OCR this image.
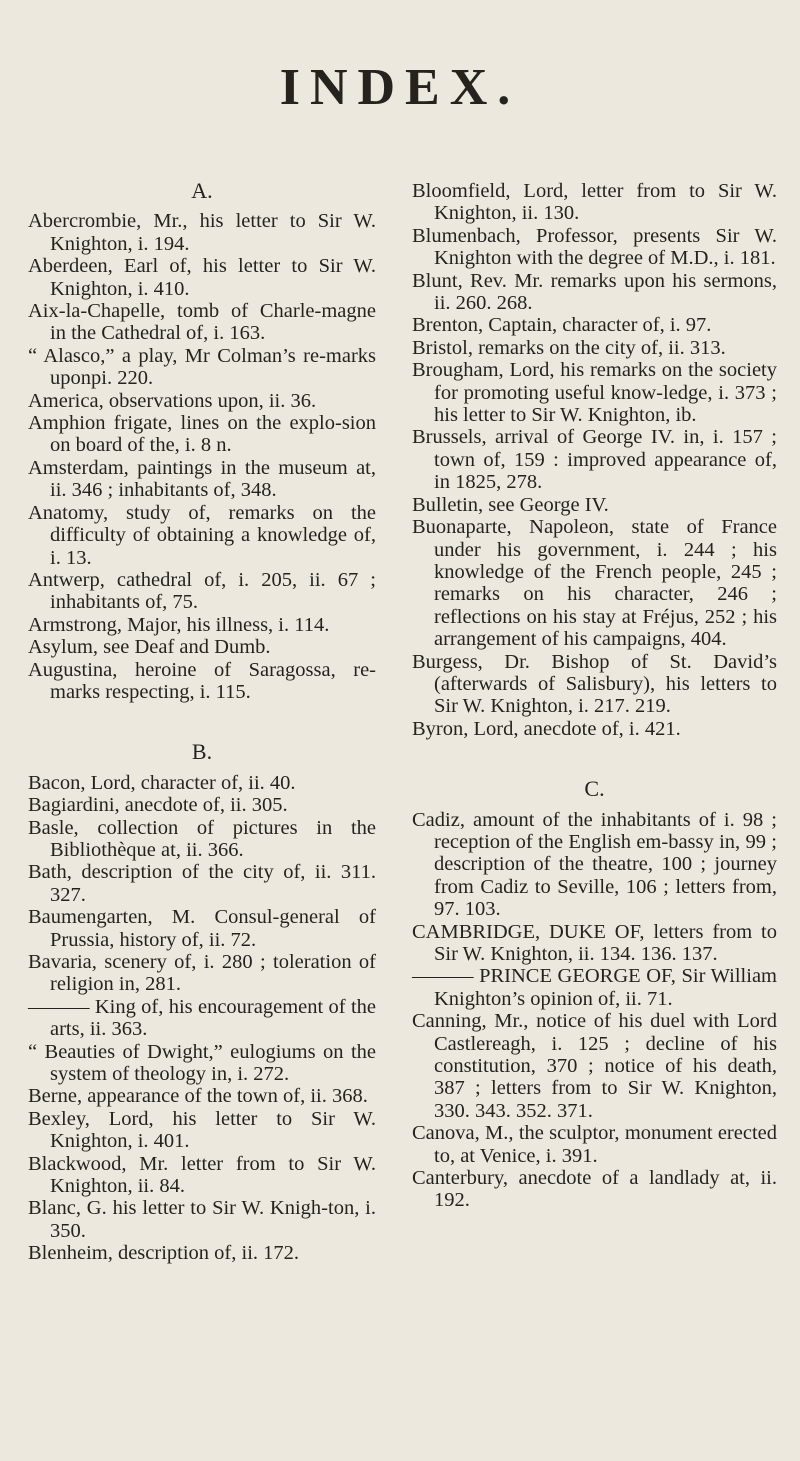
INDEX.
A.

Abercrombie, Mr., his letter to Sir W. Knighton, i. 194.

Aberdeen, Earl of, his letter to Sir W. Knighton, i. 410.

Aix-la-Chapelle, tomb of Charle-magne in the Cathedral of, i. 163.

“ Alasco,” a play, Mr Colman’s re-marks uponpi. 220.

America, observations upon, ii. 36.

Amphion frigate, lines on the explo-sion on board of the, i. 8 n.

Amsterdam, paintings in the museum at, ii. 346 ; inhabitants of, 348.

Anatomy, study of, remarks on the difficulty of obtaining a knowledge of, i. 13.

Antwerp, cathedral of, i. 205, ii. 67 ; inhabitants of, 75.

Armstrong, Major, his illness, i. 114.

Asylum, see Deaf and Dumb.

Augustina, heroine of Saragossa, re-marks respecting, i. 115.

B.

Bacon, Lord, character of, ii. 40.

Bagiardini, anecdote of, ii. 305.

Basle, collection of pictures in the Bibliothèque at, ii. 366.

Bath, description of the city of, ii. 311. 327.

Baumengarten, M. Consul-general of Prussia, history of, ii. 72.

Bavaria, scenery of, i. 280 ; toleration of religion in, 281.

——— King of, his encouragement of the arts, ii. 363.

“ Beauties of Dwight,” eulogiums on the system of theology in, i. 272.

Berne, appearance of the town of, ii. 368.

Bexley, Lord, his letter to Sir W. Knighton, i. 401.

Blackwood, Mr. letter from to Sir W. Knighton, ii. 84.

Blanc, G. his letter to Sir W. Knigh-ton, i. 350.

Blenheim, description of, ii. 172.

Bloomfield, Lord, letter from to Sir W. Knighton, ii. 130.

Blumenbach, Professor, presents Sir W. Knighton with the degree of M.D., i. 181.

Blunt, Rev. Mr. remarks upon his sermons, ii. 260. 268.

Brenton, Captain, character of, i. 97.

Bristol, remarks on the city of, ii. 313.

Brougham, Lord, his remarks on the society for promoting useful know-ledge, i. 373 ; his letter to Sir W. Knighton, ib.

Brussels, arrival of George IV. in, i. 157 ; town of, 159 : improved appearance of, in 1825, 278.

Bulletin, see George IV.

Buonaparte, Napoleon, state of France under his government, i. 244 ; his knowledge of the French people, 245 ; remarks on his character, 246 ; reflections on his stay at Fréjus, 252 ; his arrangement of his campaigns, 404.

Burgess, Dr. Bishop of St. David’s (afterwards of Salisbury), his letters to Sir W. Knighton, i. 217. 219.

Byron, Lord, anecdote of, i. 421.

C.

Cadiz, amount of the inhabitants of i. 98 ; reception of the English em-bassy in, 99 ; description of the theatre, 100 ; journey from Cadiz to Seville, 106 ; letters from, 97. 103.

CAMBRIDGE, DUKE OF, letters from to Sir W. Knighton, ii. 134. 136. 137.

——— PRINCE GEORGE OF, Sir William Knighton’s opinion of, ii. 71.

Canning, Mr., notice of his duel with Lord Castlereagh, i. 125 ; decline of his constitution, 370 ; notice of his death, 387 ; letters from to Sir W. Knighton, 330. 343. 352. 371.

Canova, M., the sculptor, monument erected to, at Venice, i. 391.

Canterbury, anecdote of a landlady at, ii. 192.
